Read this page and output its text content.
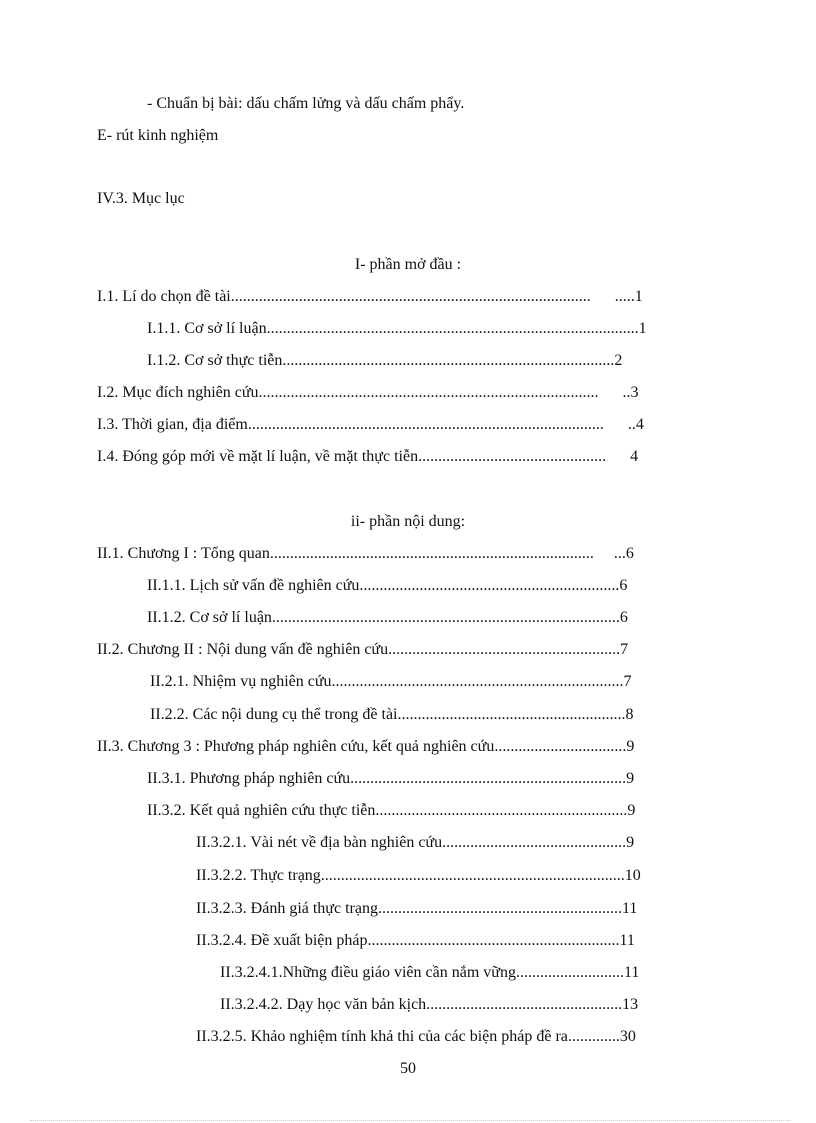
- Chuẩn bị bài: dấu chấm lửng và dấu chấm phẩy.
E- rút kinh nghiệm
IV.3. Mục lục
I- phần mở đầu :
I.1. Lí do chọn đề tài.......................................................................................... .....1
I.1.1. Cơ sở lí luận.............................................................................................1
I.1.2. Cơ sở thực tiễn...................................................................................2
I.2. Mục đích nghiên cứu..................................................................................... ..3
I.3. Thời gian, địa điểm......................................................................................... ..4
I.4. Đóng góp mới về mặt lí luận, về mặt thực tiễn............................................... 4
ii- phần nội dung:
II.1. Chương I : Tổng quan................................................................................. ...6
II.1.1. Lịch sử vấn đề nghiên cứu.................................................................6
II.1.2. Cơ sở lí luận.......................................................................................6
II.2. Chương II : Nội dung vấn đề nghiên cứu..........................................................7
II.2.1. Nhiệm vụ nghiên cứu.........................................................................7
II.2.2. Các nội dung cụ thể trong đề tài.........................................................8
II.3. Chương 3 : Phương pháp nghiên cứu, kết quả nghiên cứu.................................9
II.3.1. Phương pháp nghiên cứu.....................................................................9
II.3.2. Kết quả nghiên cứu thực tiễn...............................................................9
II.3.2.1. Vài nét về địa bàn nghiên cứu..............................................9
II.3.2.2. Thực trạng............................................................................10
II.3.2.3. Đánh giá thực trạng.............................................................11
II.3.2.4. Đề xuất biện pháp...............................................................11
II.3.2.4.1.Những điều giáo viên cần nắm vững...........................11
II.3.2.4.2. Dạy học văn bản kịch.................................................13
II.3.2.5. Khảo nghiệm tính khả thi của các biện pháp đề ra.............30
50
